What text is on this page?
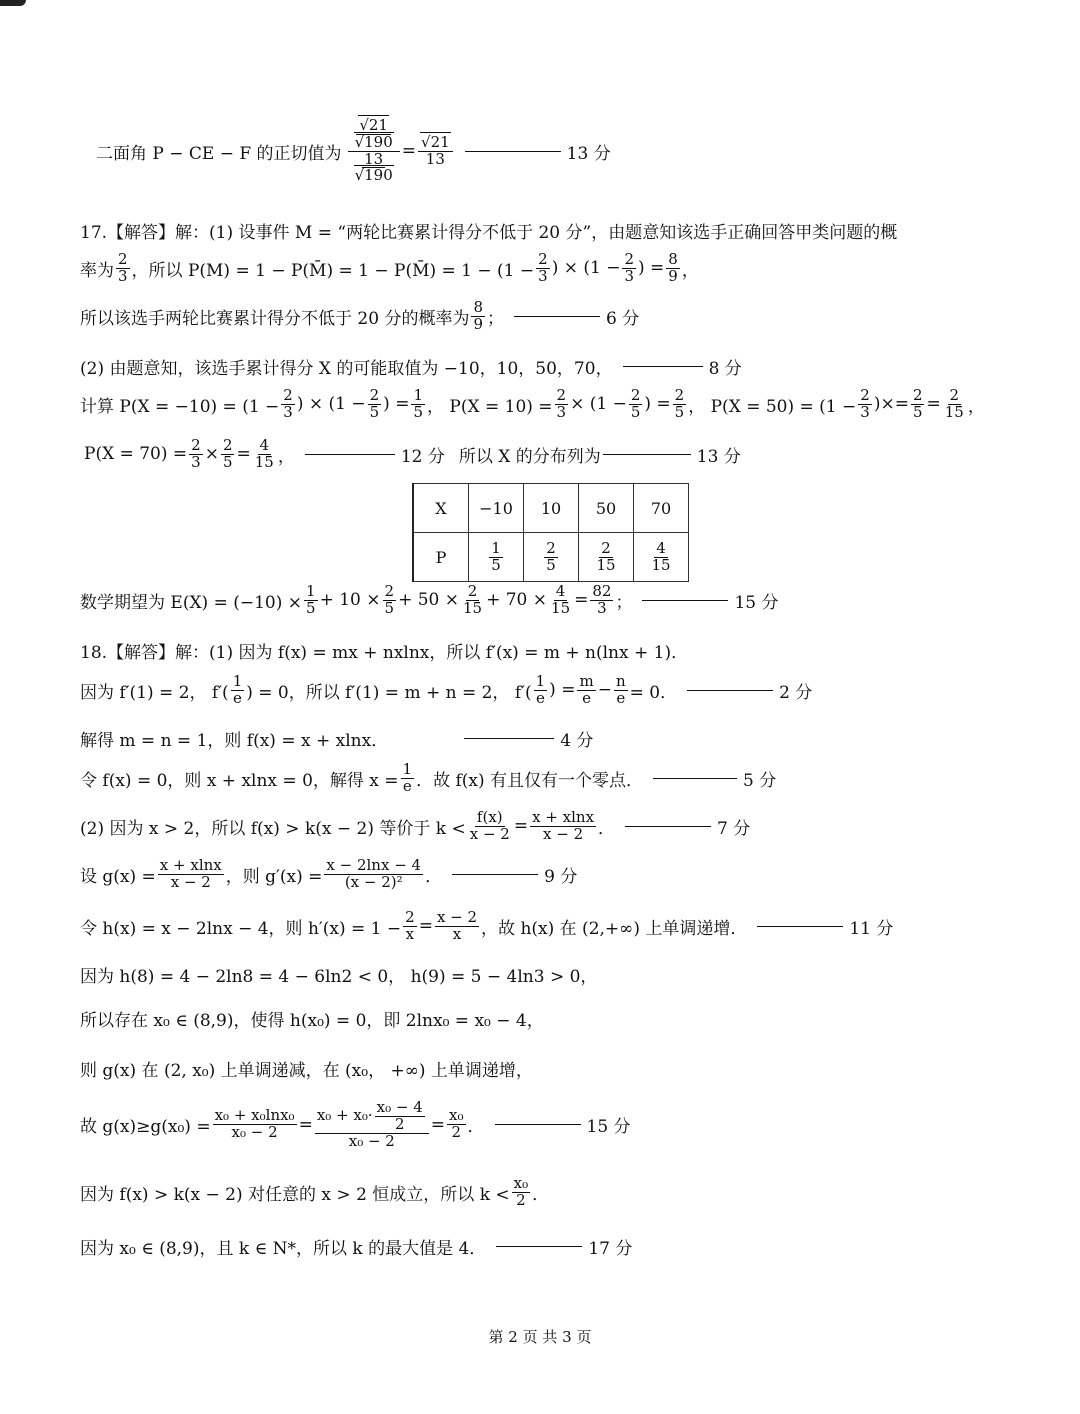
二面角 P − CE − F 的正切值为 √ 21
√ 190
13
√ 190 = √ $\frac{21}{13}$	13 分
17.【解答】解：(1) 设事件 M = “两轮比赛累计得分不低于 20 分”，由题意知该选手正确回答甲类问题的概
率为 $\frac{2}{3}$ ，所以 P(M) = 1 − P(M̄) = 1 − P(M̄) = $1 - (1 - \frac{2}{3}$ ) × ($1 - \frac{2}{3}$ ) = $\frac{8}{9}$ ，
所以该选手两轮比赛累计得分不低于 20 分的概率为 $\frac{8}{9}$ ；	6 分
(2) 由题意知，该选手累计得分 X 的可能取值为 −10，10，50，70，	8 分
计算 $P(X = -10) = (1 - \frac{2}{3}$ ) × ($1 - \frac{2}{5}$ ) = $\frac{1}{5}$ ， $P(X = 10) = \frac{2}{3} \times (1 - \frac{2}{5}$ ) = $\frac{2}{5}$ ， $P(X = 50) = (1 - \frac{2}{3}$ )×= $\frac{2}{5} = \frac{2}{15}$ ，
$P(X = 70) = \frac{2}{3} \times \frac{2}{5} = \frac{4}{15}$ ，	12 分 所以 X 的分布列为	13 分
X	−10	10	50	70
P	$\frac{1}{5}$	$\frac{2}{5}$	$\frac{2}{15}$	$\frac{4}{15}$
数学期望为 $E(X) = (-10) \times \frac{1}{5} + 10 \times \frac{2}{5} + 50 \times \frac{2}{15} + 70 \times \frac{4}{15} = \frac{82}{3}$ ；	15 分
18.【解答】解：(1) 因为 f(x) = mx + nxlnx，所以 f′(x) = m + n(lnx + 1)．
因为 f′(1) = 2， $f'( \frac{1}{e}$ ) = 0，所以 f′(1) = m + n = 2， $f'( \frac{1}{e}$ ) = $\frac{m}{e} - \frac{n}{e} = 0$．	2 分
解得 m = n = 1，则 f(x) = x + xlnx．	4 分
令 f(x) = 0，则 x + xlnx = 0，解得 $x = \frac{1}{e}$ ．故 f(x) 有且仅有一个零点．	5 分
(2) 因为 x > 2，所以 f(x) > k(x − 2) 等价于 $k < \frac{f(x)}{x - 2} = \frac{x + xlnx}{x - 2}$ ．	7 分
设 $g(x) = \frac{x + xlnx}{x - 2}$ ，则 $g'(x) = \frac{x - 2\ln x - 4}{\text{(x − 2)²}}$ ．	9 分
令 h(x) = x − 2lnx − 4，则 $h'(x) = 1 - \frac{2}{x} = \frac{x - 2}{x}$ ，故 h(x) 在 (2,+∞) 上单调递增．	11 分
因为 h(8) = 4 − 2ln8 = 4 − 6ln2 < 0， h(9) = 5 − 4ln3 > 0，
所以存在 x₀ ∈ (8,9)，使得 h(x₀) = 0，即 2lnx₀ = x₀ − 4，
则 g(x) 在 (2, x₀) 上单调递减，在 (x₀， +∞) 上单调递增，
故 $g(x)\ge g(x_0) = \frac{\text{x₀ + x₀lnx₀}}{\text{x₀ − 2}} = \frac{x_0 + x_0\cdot \frac{\text{x₀ − 4}}{2}}{\text{x₀ − 2}} = \frac{\text{x₀}}{2}$ ．	15 分
因为 f(x) > k(x − 2) 对任意的 x > 2 恒成立，所以 $k < \frac{\text{x₀}}{2}$ ．
因为 x₀ ∈ (8,9)，且 k ∈ N*，所以 k 的最大值是 4．	17 分
第 2 页 共 3 页
